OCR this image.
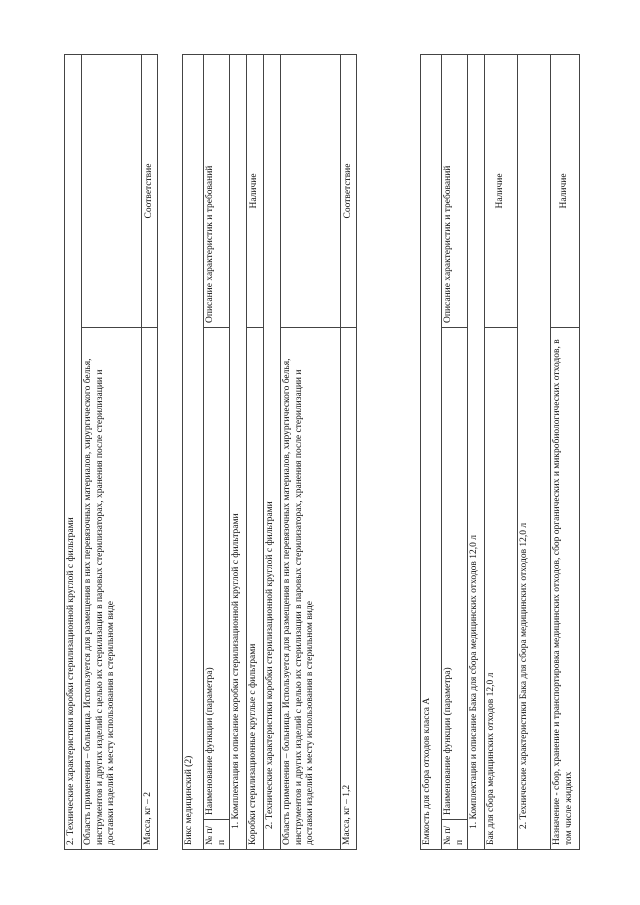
2. Технические характеристики коробки стерилизационной круглой с фильтрами	
Область применения – больница. Используется для размещения в них перевязочных материалов, хирургического белья, инструментов и других изделий с целью их стерилизации в паровых стерилизаторах, хранения после стерилизации и доставки изделий к месту использования в стерильном виде	
Масса, кг – 2	Соответствие
Бикс медицинский (2)		
№ п/п	Наименование функции (параметра)	Описание характеристик и требований
1. Комплектация и описание коробки стерилизационной круглой с фильтрами		
Коробки стерилизационные круглые с фильтрами		Наличие
2. Технические характеристики коробки стерилизационной круглой с фильтрами		
Область применения – больница. Используется для размещения в них перевязочных материалов, хирургического белья, инструментов и других изделий с целью их стерилизации в паровых стерилизаторах, хранения после стерилизации и доставки изделий к месту использования в стерильном виде		
Масса, кг – 1,2		Соответствие
Емкость для сбора отходов класса А		
№ п/п	Наименование функции (параметра)	Описание характеристик и требований
1. Комплектация и описание Бака для сбора медицинских отходов 12,0 л		
Бак для сбора медицинских отходов 12,0 л		Наличие
2. Технические характеристики Бака для сбора медицинских отходов 12,0 л		
Назначение - сбор, хранение и транспортировка медицинских отходов, сбор органических и микробиологических отходов, в том числе жидких		Наличие
